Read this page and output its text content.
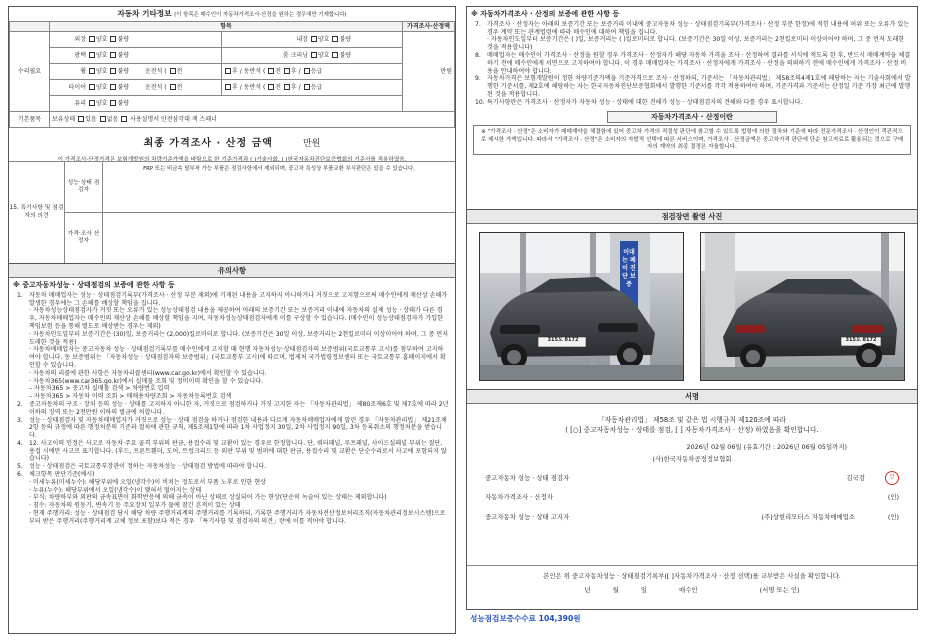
자동차 기타정보 (이 항목은 매수인이 자동차가격조사·산정을 원하는 경우에만 기재합니다)
	항목		가격조사·산정액
수리필요	외장 양호 불량	내장 양호 불량	만원
	광택 양호 불량	룸 크리닝 양호 불량	
	휠 양호 불량 운전석 ( 전	후 / 동반석 ( 전 후 / 응급	
	타이어 양호 불량 운전석 ( 전	후 / 동반석 ( 전 후 / 응급	
	유리 양호 불량		
기본품목	보유상태 있음 없음 사용설명서 안전삼각대 잭 스패너		
최종 가격조사 · 산정 금액	만원
이 가격조사·산정가격은 보험개발원의 차량기준가액을 바탕으로 한 기준가격과 ( )기술사회, ( )한국자동차진단보증협회의 기준서를 적용하였음.
15. 특기사항 및 점검자의 의견
성능·상태 점검자
가격·조사 산정자
FRP 또는 비금속 탈부착 가능 부품은 점검사항에서 제외되며, 중고차 특성상 부품교환 부식판단은 있을 수 있습니다.
유의사항
※ 중고자동차성능 · 상태점검의 보증에 관한 사항 등
1.	자동차 매매업자는 성능 · 상태점검기록부(가격조사 · 산정 부분 제외)에 기재된 내용을 고지하지 아니하거나 거짓으로 고지함으로써 매수인에게 재산상 손해가 발생한 경우에는 그 손해를 배상할 책임을 집니다.
· 자동차성능상태점검자가 거짓 또는 오류가 있는 성능상태점검 내용을 제공하여 아래의 보증기간 또는 보증거리 이내에 자동차의 실제 성능 · 상태가 다른 경우, 자동차매매업자는 매수인의 재산상 손해를 배상할 책임을 지며, 자동차성능상태점검자에게 이를 구상할 수 있습니다. (매수인이 성능상태점검자가 가입한 책임보험 등을 통해 별도로 배상받는 경우는 제외)
· 자동차인도일부터 보증기간은 (30)일, 보증거리는 (2,000)킬로미터로 합니다. (보증기간은 30일 이상, 보증거리는 2천킬로미터 이상이어야 하며, 그 중 먼저 도래한 것을 적용)
· 자동차매매업자는 중고자동차 성능 · 상태점검기록부를 매수인에게 고지할 때 현행 자동차성능·상태점검자의 보증범위(국토교통부 고시)를 첨부하여 고지하여야 합니다. 동 보증범위는 「자동차성능 · 상태점검자의 보증범위」(국토교통부 고시)에 따르며, 법제처 국가법령정보센터 또는 국토교통부 홈페이지에서 확인할 수 있습니다.
· 자동차의 리콜에 관한 사항은 자동차리콜센터(www.car.go.kr)에서 확인할 수 있습니다.
· 자동차365(www.car365.go.kr)에서 실매물 조회 및 정비이력 확인을 할 수 있습니다.
– 자동차365 > 중고차 실매물 검색 > 차량번호 입력
– 자동차365 > 자동차 이력 조회 > 매매용차량조회 > 자동차등록번호 검색
2.	중고자동차의 구조 · 장치 등의 성능 · 상태를 고지하지 아니한 자, 거짓으로 점검하거나 거짓 고지한 자는 「자동차관리법」 제80조제6호 및 제7호에 따라 2년 이하의 징역 또는 2천만원 이하의 벌금에 처합니다.
3.	성능 · 상태점검자 및 자동차매매업자가 거짓으로 성능 · 상태 점검을 하거나 점검한 내용과 다르게 자동차매매업자에게 알린 경우 「자동차관리법」 제21조제2항 등의 규정에 따른 행정처분의 기준과 절차에 관한 규칙, 제5조제1항에 따라 1차 사업정지 30일, 2차 사업정지 90일, 3차 등록취소의 행정처분을 받습니다.
4.	12. 사고이력 인정은 사고로 자동차 주요 골격 부위의 판금, 용접수리 및 교환이 있는 경우로 한정합니다. 단, 쿼터패널, 루프패널, 사이드실패널 부위는 절단, 용접 시에만 사고로 표기합니다. (후드, 프론트휀더, 도어, 트렁크리드 등 외판 부위 및 범퍼에 대한 판금, 용접수리 및 교환은 단순수리로서 사고에 포함되지 않습니다)
5.	성능 · 상태점검은 국토교통부장관이 정하는 자동차성능 · 상태점검 방법에 따라야 합니다.
6.	체크항목 판단기준(예시)
· 미세누유(미세누수): 해당부위에 오일(냉각수)이 비치는 정도로서 부품 노후로 인한 현상
· 누유(누수): 해당부위에서 오일(냉각수)이 맺혀서 떨어지는 상태
· 부식: 차량하부와 외판의 금속표면이 화학반응에 의해 금속이 아닌 상태로 상실되어 가는 현상(단순히 녹슬어 있는 상태는 제외합니다)
· 침수: 자동차의 원동기, 변속기 등 주요장치 일부가 물에 잠긴 흔적이 있는 상태
· 현재 주행거리: 성능 · 상태점검 당시 해당 차량 주행거리계의 주행거리를 기록하되, 기록한 주행거리가 자동차전산정보처리조직(자동차관리정보시스템)으로부터 받은 주행거리(주행거리계 교체 정보 포함)보다 적은 경우 「특기사항 및 점검자의 의견」란에 이를 적어야 합니다.
※ 자동차가격조사 · 산정의 보증에 관한 사항 등
7.	가격조사 · 산정자는 아래의 보증기간 또는 보증거리 이내에 중고자동차 성능 · 상태점검기록부(가격조사 · 산정 부분 한정)에 적힌 내용에 허위 또는 오류가 있는 경우 계약 또는 관계법령에 따라 매수인에 대하여 책임을 집니다.
· 자동차인도일부터 보증기간은 ( )일, 보증거리는 ( )킬로미터로 합니다. (보증기간은 30일 이상, 보증거리는 2천킬로미터 이상이어야 하며, 그 중 먼저 도래한 것을 적용합니다)
8.	매매업자는 매수인이 가격조사 · 산정을 원할 경우 가격조사 · 산정자가 해당 자동차 가격을 조사 · 산정하여 결과를 서식에 적도록 한 후, 반드시 매매계약을 체결하기 전에 매수인에게 서면으로 고지하여야 합니다. 이 경우 매매업자는 가격조사 · 산정자에게 가격조사 · 산정을 의뢰하기 전에 매수인에게 가격조사 · 산정 비용을 안내하여야 합니다.
9.	자동차가격은 보험개발원이 정한 차량기준가액을 기준가격으로 조사 · 산정하되, 기준서는 「자동차관리법」 제58조의4제1호에 해당하는 자는 기술사회에서 발행한 기준서를, 제2호에 해당하는 자는 한국자동차진단보증협회에서 발행한 기준서를 각각 적용하여야 하며, 기준가격과 기준서는 산정일 기준 가장 최근에 발행된 것을 적용합니다.
10. 특기사항란은 가격조사 · 산정자가 자동차 성능 · 상태에 대한 견해가 성능 · 상태점검자의 견해와 다를 경우 표시합니다.
자동차가격조사 · 산정이란
※ "가격조사 · 산정"은 소비자가 매매계약을 체결함에 있어 중고차 가격의 적절성 판단에 참고할 수 있도록 법령에 의한 절차와 기준에 따라 전문가격조사 · 산정인이 객관적으로 제시한 가액입니다. 따라서 "가격조사 · 산정"은 소비자의 자발적 선택에 따른 서비스이며, 가격조사 · 산정금액은 중고차가격 판단에 단순 참고자료로 활용되는 것으로 구매자의 계약의 최종 결정은 자율합니다.
점검장면 촬영 사진
315도 8172
이대는 페이 진 단 보 증
315도 8172
서명
「자동차관리법」 제58조 및 같은 법 시행규칙 제120조에 따라
( [○] 중고자동차성능 · 상태를 점검, [ ] 자동차가격조사 · 산정) 하였음을 확인합니다.
2026년 02월 06일 (유효기간 : 2026년 06월 05일까지)
(사)한국자동차공정정보협회
중고자동차 성능 · 상태 점검자	김국검	인
자동차가격조사 · 산정자	(인)
중고자동차 성능 · 상태 고지자	(주)상현리모터스 자동차매매업소	(인)
본인은 위 중고자동차성능 · 상태점검기록부([ ]자동차가격조사 · 산정 선택)를 교부받은 사실을 확인합니다.
년	월	일	매수인	(서명 또는 인)
성능점검보증수수료 104,390원
